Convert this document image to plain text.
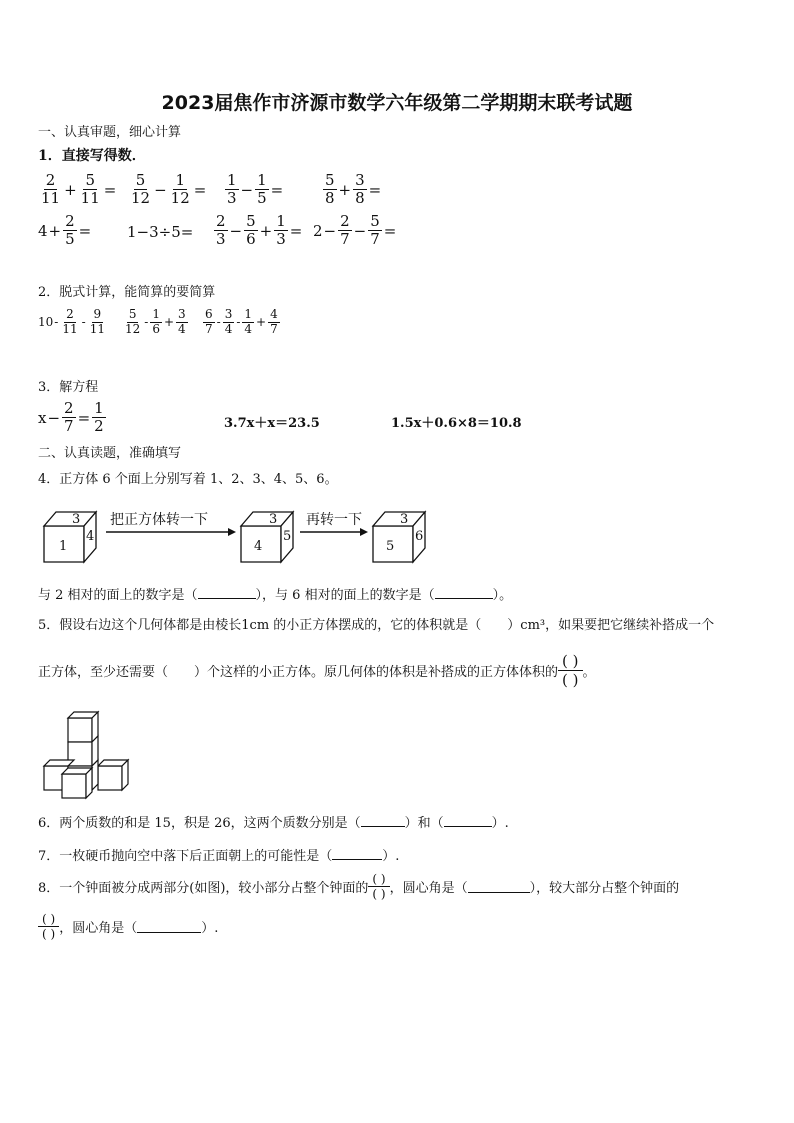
2023届焦作市济源市数学六年级第二学期期末联考试题
一、认真审题，细心计算
1．直接写得数．
$\frac{2}{11} + \frac{5}{11} = \frac{5}{12} - \frac{1}{12} = \frac{1}{3} - \frac{1}{5}$ =	$\frac{5}{8} + \frac{3}{8}$ =
$4 + \frac{2}{5} = 1-3\div 5= \frac{2}{3} - \frac{5}{6} + \frac{1}{3} = 2 - \frac{2}{7} - \frac{5}{7}$ =
2．脱式计算，能简算的要简算
$10 - \frac{2}{11} - \frac{9}{11} \frac{5}{12} - \frac{1}{6} + \frac{3}{4} \frac{6}{7} - \frac{3}{4} - \frac{1}{4} + \frac{4}{7}$
3．解方程
$x - \frac{2}{7} = \frac{1}{2}$	3.7x＋x＝23.5	1.5x＋0.6×8＝10.8
二、认真读题，准确填写
4．正方体 6 个面上分别写着 1、2、3、4、5、6。
3
1
4
把正方体转一下	3
4
5
再转一下	3
5
6
与 2 相对的面上的数字是（	），与 6 相对的面上的数字是（	）。
5．假设右边这个几何体都是由棱长1cm 的小正方体摆成的，它的体积就是（ ）cm³，如果要把它继续补搭成一个
正方体，至少还需要（ ）个这样的小正方体。原几何体的体积是补搭成的正方体体积的
( )
( ) 。
6．两个质数的和是 15，积是 26，这两个质数分别是（	）和（	）.
7．一枚硬币抛向空中落下后正面朝上的可能性是（	）.
8．一个钟面被分成两部分(如图)，较小部分占整个钟面的
( )
( ) ，圆心角是（	），较大部分占整个钟面的
( )
( ) ，圆心角是（	）.
